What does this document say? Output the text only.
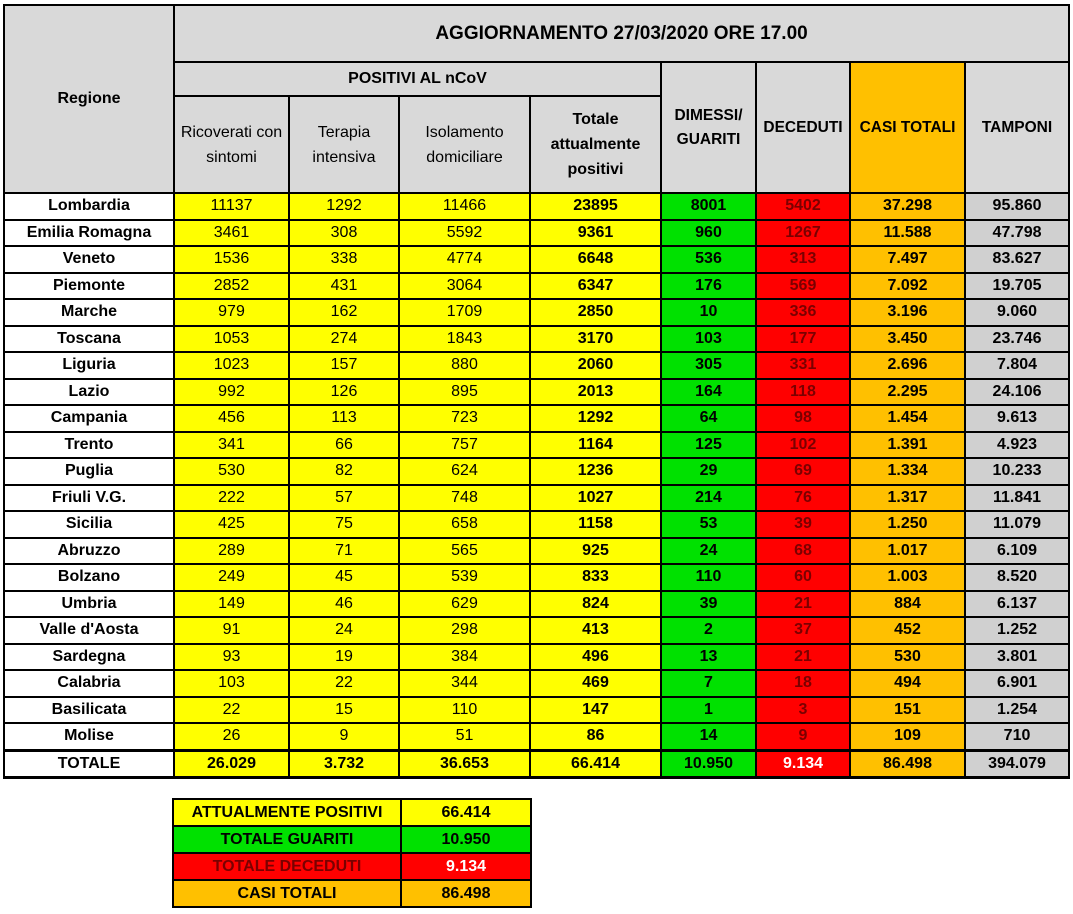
Regione	AGGIORNAMENTO 27/03/2020 ORE 17.00							
	POSITIVI AL nCoV				DIMESSI/ GUARITI	DECEDUTI	CASI TOTALI	TAMPONI
	Ricoverati con sintomi	Terapia intensiva	Isolamento domiciliare	Totale attualmente positivi				
Lombardia	11137	1292	11466	23895	8001	5402	37.298	95.860
Emilia Romagna	3461	308	5592	9361	960	1267	11.588	47.798
Veneto	1536	338	4774	6648	536	313	7.497	83.627
Piemonte	2852	431	3064	6347	176	569	7.092	19.705
Marche	979	162	1709	2850	10	336	3.196	9.060
Toscana	1053	274	1843	3170	103	177	3.450	23.746
Liguria	1023	157	880	2060	305	331	2.696	7.804
Lazio	992	126	895	2013	164	118	2.295	24.106
Campania	456	113	723	1292	64	98	1.454	9.613
Trento	341	66	757	1164	125	102	1.391	4.923
Puglia	530	82	624	1236	29	69	1.334	10.233
Friuli V.G.	222	57	748	1027	214	76	1.317	11.841
Sicilia	425	75	658	1158	53	39	1.250	11.079
Abruzzo	289	71	565	925	24	68	1.017	6.109
Bolzano	249	45	539	833	110	60	1.003	8.520
Umbria	149	46	629	824	39	21	884	6.137
Valle d'Aosta	91	24	298	413	2	37	452	1.252
Sardegna	93	19	384	496	13	21	530	3.801
Calabria	103	22	344	469	7	18	494	6.901
Basilicata	22	15	110	147	1	3	151	1.254
Molise	26	9	51	86	14	9	109	710
TOTALE	26.029	3.732	36.653	66.414	10.950	9.134	86.498	394.079
ATTUALMENTE POSITIVI	66.414
TOTALE GUARITI	10.950
TOTALE DECEDUTI	9.134
CASI TOTALI	86.498
